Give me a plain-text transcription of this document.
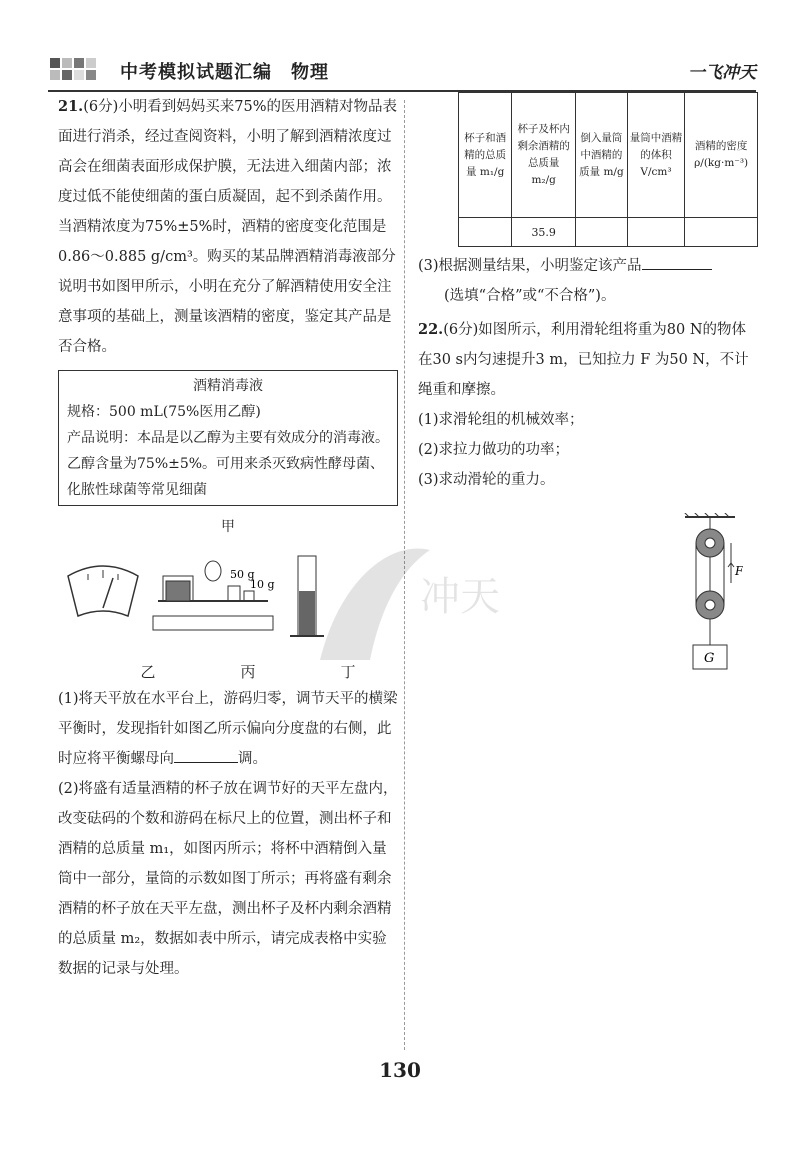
中考模拟试题汇编　物理	一飞冲天
冲天

21.(6分)小明看到妈妈买来75%的医用酒精对物品表面进行消杀，经过查阅资料，小明了解到酒精浓度过高会在细菌表面形成保护膜，无法进入细菌内部；浓度过低不能使细菌的蛋白质凝固，起不到杀菌作用。当酒精浓度为75%±5%时，酒精的密度变化范围是0.86～0.885 g/cm³。购买的某品牌酒精消毒液部分说明书如图甲所示，小明在充分了解酒精使用安全注意事项的基础上，测量该酒精的密度，鉴定其产品是否合格。

酒精消毒液
规格：500 mL(75%医用乙醇)
产品说明：本品是以乙醇为主要有效成分的消毒液。乙醇含量为75%±5%。可用来杀灭致病性酵母菌、化脓性球菌等常见细菌
甲
50 g
10 g
乙	丙	丁

(1)将天平放在水平台上，游码归零，调节天平的横梁平衡时，发现指针如图乙所示偏向分度盘的右侧，此时应将平衡螺母向	调。

(2)将盛有适量酒精的杯子放在调节好的天平左盘内，改变砝码的个数和游码在标尺上的位置，测出杯子和酒精的总质量 m₁，如图丙所示；将杯中酒精倒入量筒中一部分，量筒的示数如图丁所示；再将盛有剩余酒精的杯子放在天平左盘，测出杯子及杯内剩余酒精的总质量 m₂，数据如表中所示，请完成表格中实验数据的记录与处理。

杯子和酒精的总质量 m₁/g	杯子及杯内剩余酒精的总质量 m₂/g	倒入量筒中酒精的质量 m/g	量筒中酒精的体积 V/cm³	酒精的密度 ρ/(kg·m⁻³)
	35.9			

(3)根据测量结果，小明鉴定该产品

(选填“合格”或“不合格”)。

22.(6分)如图所示，利用滑轮组将重为80 N的物体在30 s内匀速提升3 m，已知拉力 F 为50 N，不计绳重和摩擦。

(1)求滑轮组的机械效率；

(2)求拉力做功的功率；

(3)求动滑轮的重力。

F
G
130
